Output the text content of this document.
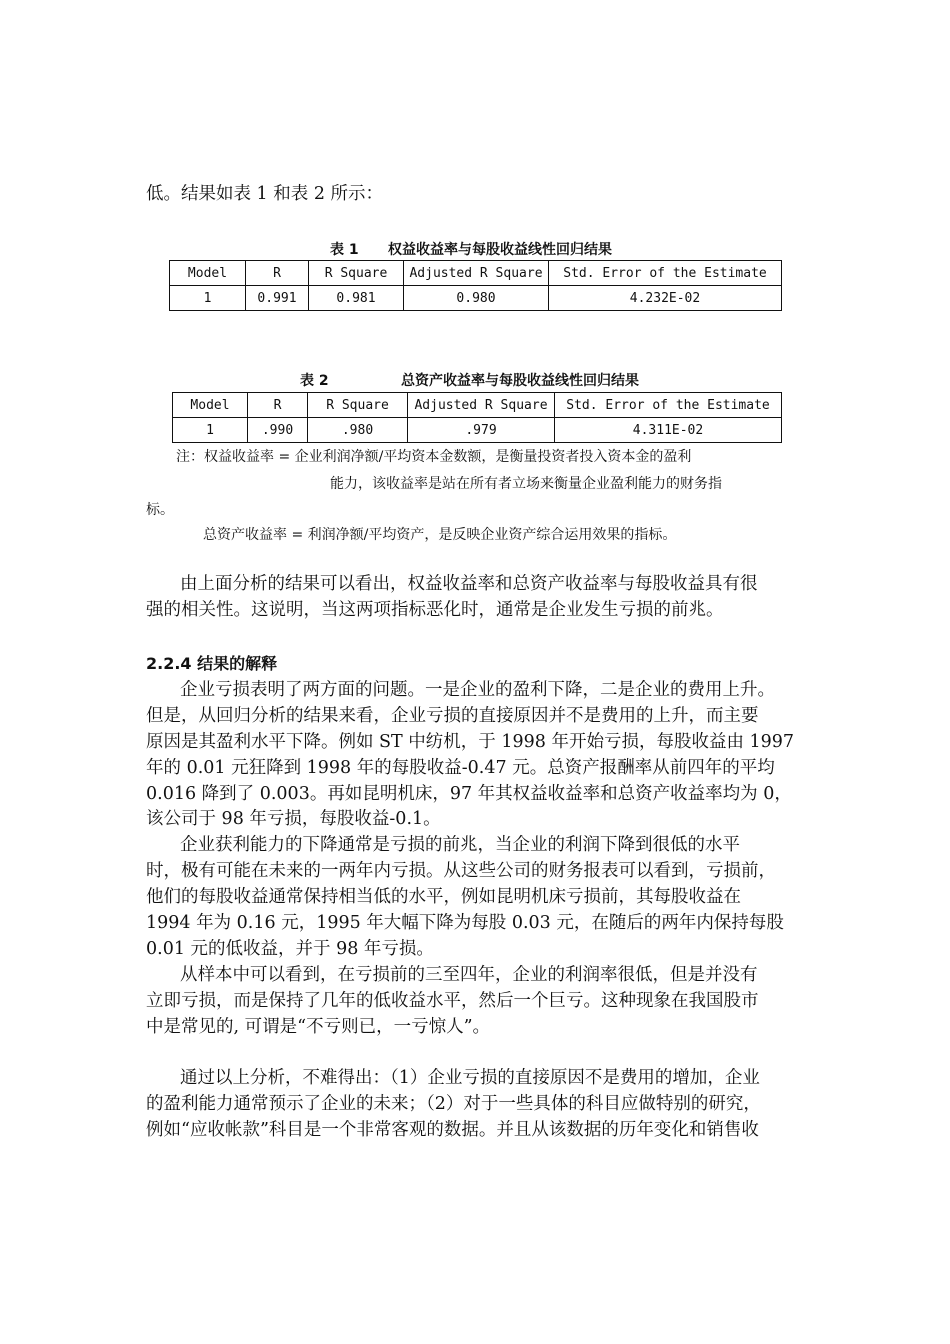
低。结果如表 1 和表 2 所示：
表 1 权益收益率与每股收益线性回归结果
Model	R	R Square	Adjusted R Square	Std. Error of the Estimate
1	0.991	0.981	0.980	4.232E-02
表 2	总资产收益率与每股收益线性回归结果
Model	R	R Square	Adjusted R Square	Std. Error of the Estimate
1	.990	.980	.979	4.311E-02
注：权益收益率 = 企业利润净额/平均资本金数额，是衡量投资者投入资本金的盈利
能力，该收益率是站在所有者立场来衡量企业盈利能力的财务指
标。
总资产收益率 = 利润净额/平均资产，是反映企业资产综合运用效果的指标。
由上面分析的结果可以看出，权益收益率和总资产收益率与每股收益具有很
强的相关性。这说明，当这两项指标恶化时，通常是企业发生亏损的前兆。
2.2.4 结果的解释
企业亏损表明了两方面的问题。一是企业的盈利下降，二是企业的费用上升。
但是，从回归分析的结果来看，企业亏损的直接原因并不是费用的上升，而主要
原因是其盈利水平下降。例如 ST 中纺机，于 1998 年开始亏损，每股收益由 1997
年的 0.01 元狂降到 1998 年的每股收益-0.47 元。总资产报酬率从前四年的平均
0.016 降到了 0.003。再如昆明机床，97 年其权益收益率和总资产收益率均为 0，
该公司于 98 年亏损，每股收益-0.1。
企业获利能力的下降通常是亏损的前兆，当企业的利润下降到很低的水平
时，极有可能在未来的一两年内亏损。从这些公司的财务报表可以看到，亏损前，
他们的每股收益通常保持相当低的水平，例如昆明机床亏损前，其每股收益在
1994 年为 0.16 元，1995 年大幅下降为每股 0.03 元，在随后的两年内保持每股
0.01 元的低收益，并于 98 年亏损。
从样本中可以看到，在亏损前的三至四年，企业的利润率很低，但是并没有
立即亏损，而是保持了几年的低收益水平，然后一个巨亏。这种现象在我国股市
中是常见的, 可谓是“不亏则已，一亏惊人”。
通过以上分析，不难得出：（1）企业亏损的直接原因不是费用的增加，企业
的盈利能力通常预示了企业的未来；（2）对于一些具体的科目应做特别的研究，
例如“应收帐款”科目是一个非常客观的数据。并且从该数据的历年变化和销售收
